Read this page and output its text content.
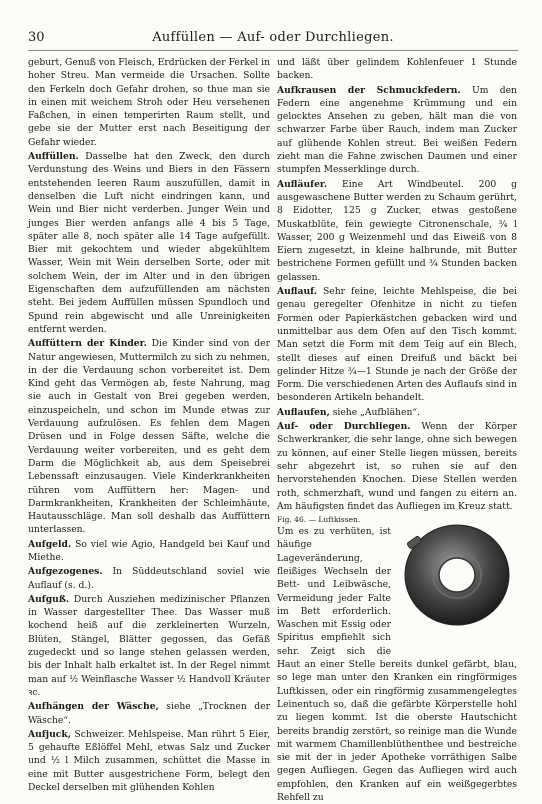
30	Auffüllen — Auf- oder Durchliegen.

geburt, Genuß von Fleisch, Erdrücken der Ferkel in hoher Streu. Man vermeide die Ursachen. Sollte den Ferkeln doch Gefahr drohen, so thue man sie in einen mit weichem Stroh oder Heu versehenen Faßchen, in einen temperirten Raum stellt, und gebe sie der Mutter erst nach Beseitigung der Gefahr wieder.

Auffüllen. Dasselbe hat den Zweck, den durch Verdunstung des Weins und Biers in den Fässern entstehenden leeren Raum auszufüllen, damit in denselben die Luft nicht eindringen kann, und Wein und Bier nicht verderben. Junger Wein und junges Bier werden anfangs alle 4 bis 5 Tage, später alle 8, noch später alle 14 Tage aufgefüllt. Bier mit gekochtem und wieder abgekühltem Wasser, Wein mit Wein derselben Sorte, oder mit solchem Wein, der im Alter und in den übrigen Eigenschaften dem aufzufüllenden am nächsten steht. Bei jedem Auffüllen müssen Spundloch und Spund rein abgewischt und alle Unreinigkeiten entfernt werden.

Auffüttern der Kinder. Die Kinder sind von der Natur angewiesen, Muttermilch zu sich zu nehmen, in der die Verdauung schon vorbereitet ist. Dem Kind geht das Vermögen ab, feste Nahrung, mag sie auch in Gestalt von Brei gegeben werden, einzuspeicheln, und schon im Munde etwas zur Verdauung aufzulösen. Es fehlen dem Magen Drüsen und in Folge dessen Säfte, welche die Verdauung weiter vorbereiten, und es geht dem Darm die Möglichkeit ab, aus dem Speisebrei Lebenssaft einzusaugen. Viele Kinderkrankheiten rühren vom Auffüttern her: Magen- und Darmkrankheiten, Krankheiten der Schleimhäute, Hautausschläge. Man soll deshalb das Auffüttern unterlassen.

Aufgeld. So viel wie Agio, Handgeld bei Kauf und Miethe.

Aufgezogenes. In Süddeutschland soviel wie Auflauf (s. d.).

Aufguß. Durch Ausziehen medizinischer Pflanzen in Wasser dargestellter Thee. Das Wasser muß kochend heiß auf die zerkleinerten Wurzeln, Blüten, Stängel, Blätter gegossen, das Gefäß zugedeckt und so lange stehen gelassen werden, bis der Inhalt halb erkaltet ist. In der Regel nimmt man auf ½ Weinflasche Wasser ½ Handvoll Kräuter ꝛc.

Aufhängen der Wäsche, siehe „Trocknen der Wäsche“.

Aufjuck, Schweizer. Mehlspeise. Man rührt 5 Eier, 5 gehaufte Eßlöffel Mehl, etwas Salz und Zucker und ½ l Milch zusammen, schüttet die Masse in eine mit Butter ausgestrichene Form, belegt den Deckel derselben mit glühenden Kohlen

und läßt über gelindem Kohlenfeuer 1 Stunde backen.

Aufkrausen der Schmuckfedern. Um den Federn eine angenehme Krümmung und ein gelocktes Ansehen zu geben, hält man die von schwarzer Farbe über Rauch, indem man Zucker auf glühende Kohlen streut. Bei weißen Federn zieht man die Fahne zwischen Daumen und einer stumpfen Messerklinge durch.

Aufläufer. Eine Art Windbeutel. 200 g ausgewaschene Butter werden zu Schaum gerührt, 8 Eidotter, 125 g Zucker, etwas gestoßene Muskatblüte, fein gewiegte Citronenschale, ¾ l Wasser, 200 g Weizenmehl und das Eiweiß von 8 Eiern zugesetzt, in kleine halbrunde, mit Butter bestrichene Formen gefüllt und ¾ Stunden backen gelassen.

Auflauf. Sehr feine, leichte Mehlspeise, die bei genau geregelter Ofenhitze in nicht zu tiefen Formen oder Papierkästchen gebacken wird und unmittelbar aus dem Ofen auf den Tisch kommt. Man setzt die Form mit dem Teig auf ein Blech, stellt dieses auf einen Dreifuß und bäckt bei gelinder Hitze ¾—1 Stunde je nach der Größe der Form. Die verschiedenen Arten des Auflaufs sind in besonderen Artikeln behandelt.

Auflaufen, siehe „Aufblähen“.

Auf- oder Durchliegen. Wenn der Körper Schwerkranker, die sehr lange, ohne sich bewegen zu können, auf einer Stelle liegen müssen, bereits sehr abgezehrt ist, so ruhen sie auf den hervorstehenden Knochen. Diese Stellen werden roth, schmerzhaft, wund und fangen zu eitern an. Am häufigsten findet das Aufliegen im Kreuz statt.

Fig. 46. — Luftkissen.
Um es zu verhüten, ist häufige Lageveränderung, fleißiges Wechseln der Bett- und Leibwäsche, Vermeidung jeder Falte im Bett erforderlich. Waschen mit Essig oder Spiritus empfiehlt sich sehr. Zeigt sich die Haut an einer Stelle bereits dunkel gefärbt, blau, so lege man unter den Kranken ein ringförmiges Luftkissen, oder ein ringförmig zusammengelegtes Leinentuch so, daß die gefärbte Körperstelle hohl zu liegen kommt. Ist die oberste Hautschicht bereits brandig zerstört, so reinige man die Wunde mit warmem Chamillenblüthenthee und bestreiche sie mit der in jeder Apotheke vorräthigen Salbe gegen Aufliegen. Gegen das Aufliegen wird auch empfohlen, den Kranken auf ein weißgegerbtes Rehfell zu
